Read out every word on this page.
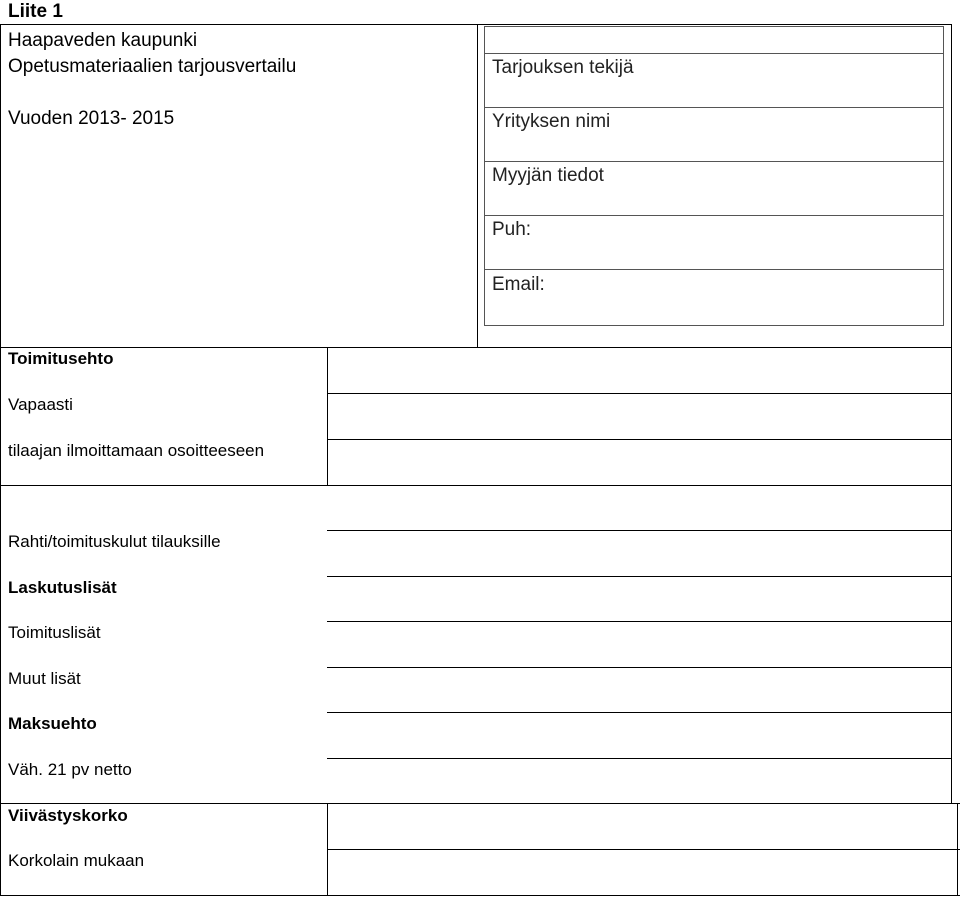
Liite 1
Haapaveden kaupunki
Opetusmateriaalien tarjousvertailu
Vuoden 2013- 2015
Tarjouksen tekijä
Yrityksen nimi
Myyjän tiedot
Puh:
Email:
Toimitusehto
Vapaasti
tilaajan ilmoittamaan osoitteeseen
Rahti/toimituskulut tilauksille
Laskutuslisät
Toimituslisät
Muut lisät
Maksuehto
Väh. 21 pv netto
Viivästyskorko
Korkolain mukaan
